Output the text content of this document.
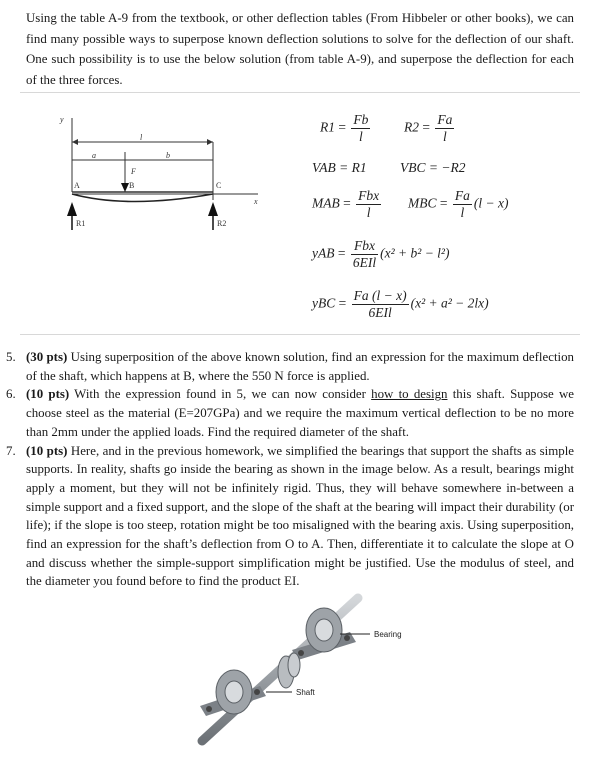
Using the table A-9 from the textbook, or other deflection tables (From Hibbeler or other books), we can find many possible ways to superpose known deflection solutions to solve for the deflection of our shaft. One such possibility is to use the below solution (from table A-9), and superpose the deflection for each of the three forces.
y
x
l
a	b
F
A	B	C
R1	R2
$R1 = \frac{Fb}{l} R2 = \frac{Fa}{l}$
VAB = R1 VBC = −R2
MAB = $\frac{\text{Fbx}}{l}$ MBC = $\frac{Fa}{l} (l - x)$
yAB = $\frac{\text{Fbx}}{\text{6EIl}} (x^2 + b^2 - l^2)$
yBC = $\frac{Fa (l - x)}{\text{6EIl}} (x^2 + a^2 - 2lx)$
5. (30 pts) Using superposition of the above known solution, find an expression for the maximum deflection of the shaft, which happens at B, where the 550 N force is applied.
6. (10 pts) With the expression found in 5, we can now consider how to design this shaft. Suppose we choose steel as the material (E=207GPa) and we require the maximum vertical deflection to be no more than 2mm under the applied loads. Find the required diameter of the shaft.
7. (10 pts) Here, and in the previous homework, we simplified the bearings that support the shafts as simple supports. In reality, shafts go inside the bearing as shown in the image below. As a result, bearings might apply a moment, but they will not be infinitely rigid. Thus, they will behave somewhere in-between a simple support and a fixed support, and the slope of the shaft at the bearing will impact their durability (or life); if the slope is too steep, rotation might be too misaligned with the bearing axis. Using superposition, find an expression for the shaft’s deflection from O to A. Then, differentiate it to calculate the slope at O and discuss whether the simple-support simplification might be justified. Use the modulus of steel, and the diameter you found before to find the product EI.
Bearing
Shaft
